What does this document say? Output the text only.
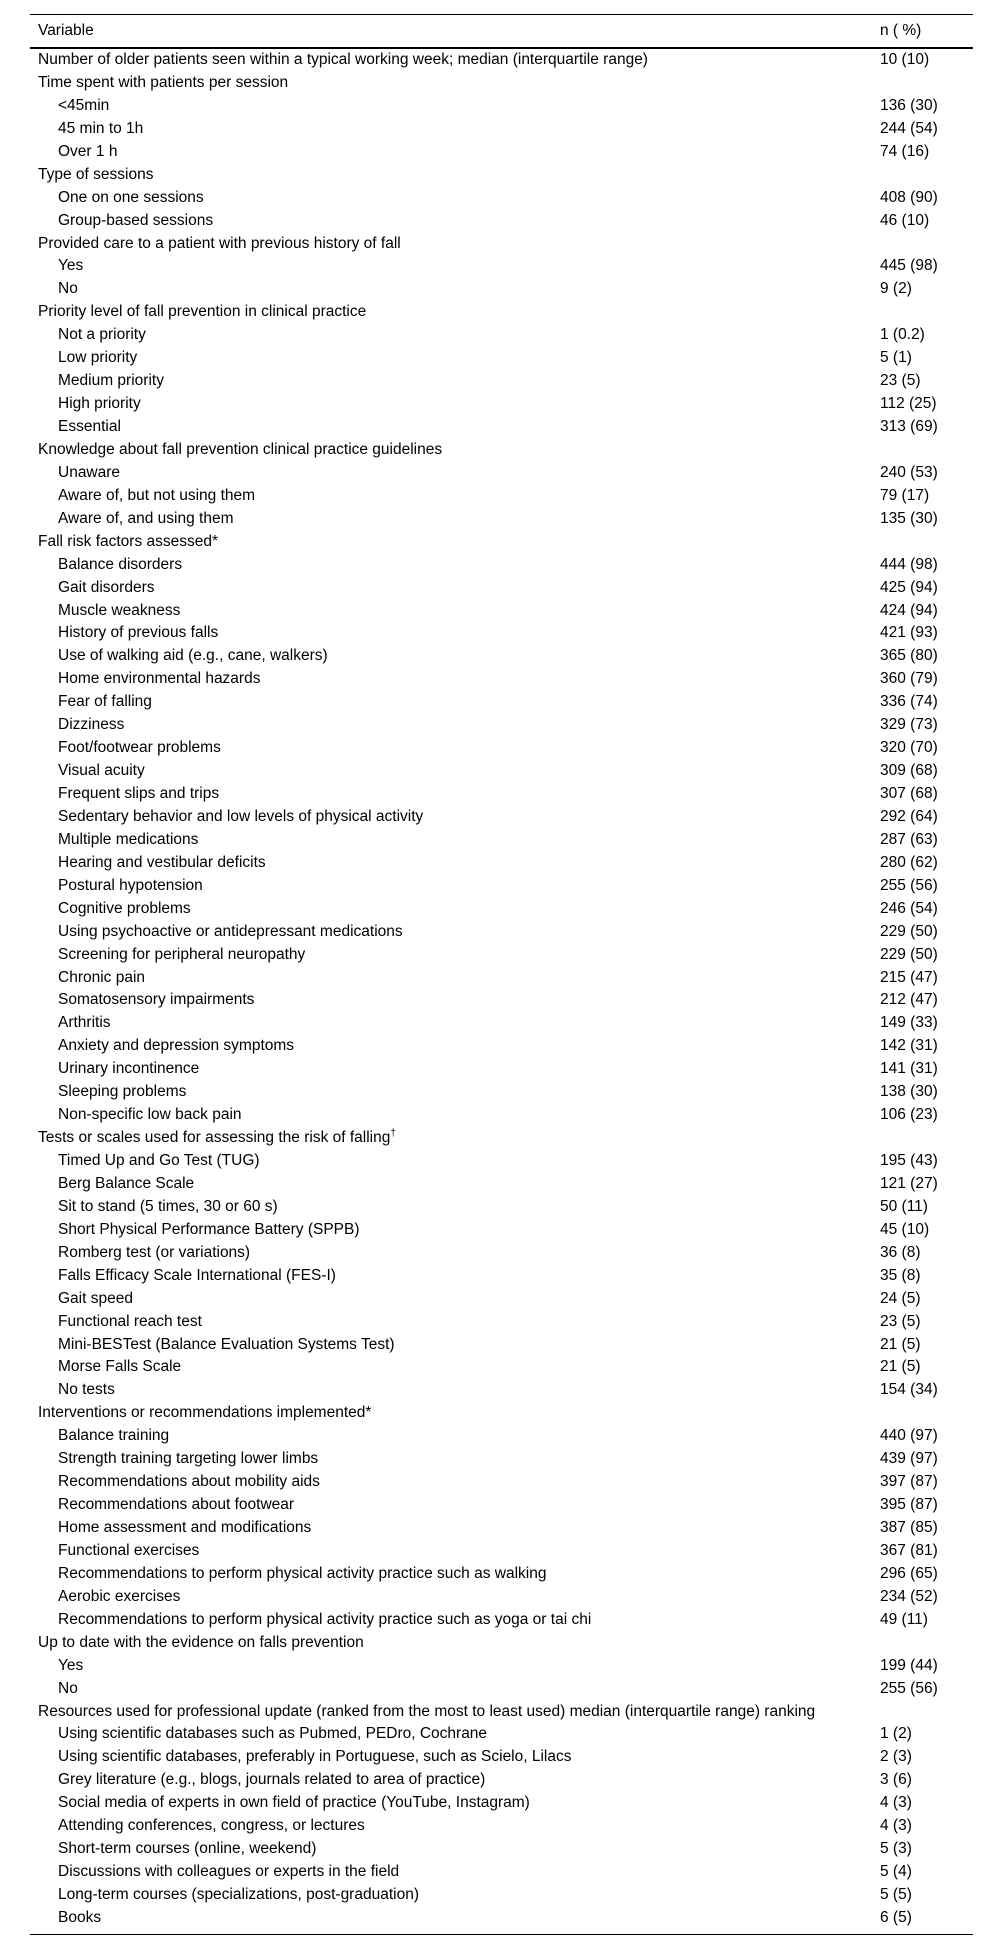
Variable	n ( %)
Number of older patients seen within a typical working week; median (interquartile range)	10 (10)
Time spent with patients per session
<45min	136 (30)
45 min to 1h	244 (54)
Over 1 h	74 (16)
Type of sessions
One on one sessions	408 (90)
Group-based sessions	46 (10)
Provided care to a patient with previous history of fall
Yes	445 (98)
No	9 (2)
Priority level of fall prevention in clinical practice
Not a priority	1 (0.2)
Low priority	5 (1)
Medium priority	23 (5)
High priority	112 (25)
Essential	313 (69)
Knowledge about fall prevention clinical practice guidelines
Unaware	240 (53)
Aware of, but not using them	79 (17)
Aware of, and using them	135 (30)
Fall risk factors assessed*
Balance disorders	444 (98)
Gait disorders	425 (94)
Muscle weakness	424 (94)
History of previous falls	421 (93)
Use of walking aid (e.g., cane, walkers)	365 (80)
Home environmental hazards	360 (79)
Fear of falling	336 (74)
Dizziness	329 (73)
Foot/footwear problems	320 (70)
Visual acuity	309 (68)
Frequent slips and trips	307 (68)
Sedentary behavior and low levels of physical activity	292 (64)
Multiple medications	287 (63)
Hearing and vestibular deficits	280 (62)
Postural hypotension	255 (56)
Cognitive problems	246 (54)
Using psychoactive or antidepressant medications	229 (50)
Screening for peripheral neuropathy	229 (50)
Chronic pain	215 (47)
Somatosensory impairments	212 (47)
Arthritis	149 (33)
Anxiety and depression symptoms	142 (31)
Urinary incontinence	141 (31)
Sleeping problems	138 (30)
Non-specific low back pain	106 (23)
Tests or scales used for assessing the risk of falling†
Timed Up and Go Test (TUG)	195 (43)
Berg Balance Scale	121 (27)
Sit to stand (5 times, 30 or 60 s)	50 (11)
Short Physical Performance Battery (SPPB)	45 (10)
Romberg test (or variations)	36 (8)
Falls Efficacy Scale International (FES-I)	35 (8)
Gait speed	24 (5)
Functional reach test	23 (5)
Mini-BESTest (Balance Evaluation Systems Test)	21 (5)
Morse Falls Scale	21 (5)
No tests	154 (34)
Interventions or recommendations implemented*
Balance training	440 (97)
Strength training targeting lower limbs	439 (97)
Recommendations about mobility aids	397 (87)
Recommendations about footwear	395 (87)
Home assessment and modifications	387 (85)
Functional exercises	367 (81)
Recommendations to perform physical activity practice such as walking	296 (65)
Aerobic exercises	234 (52)
Recommendations to perform physical activity practice such as yoga or tai chi	49 (11)
Up to date with the evidence on falls prevention
Yes	199 (44)
No	255 (56)
Resources used for professional update (ranked from the most to least used) median (interquartile range) ranking
Using scientific databases such as Pubmed, PEDro, Cochrane	1 (2)
Using scientific databases, preferably in Portuguese, such as Scielo, Lilacs	2 (3)
Grey literature (e.g., blogs, journals related to area of practice)	3 (6)
Social media of experts in own field of practice (YouTube, Instagram)	4 (3)
Attending conferences, congress, or lectures	4 (3)
Short-term courses (online, weekend)	5 (3)
Discussions with colleagues or experts in the field	5 (4)
Long-term courses (specializations, post-graduation)	5 (5)
Books	6 (5)
